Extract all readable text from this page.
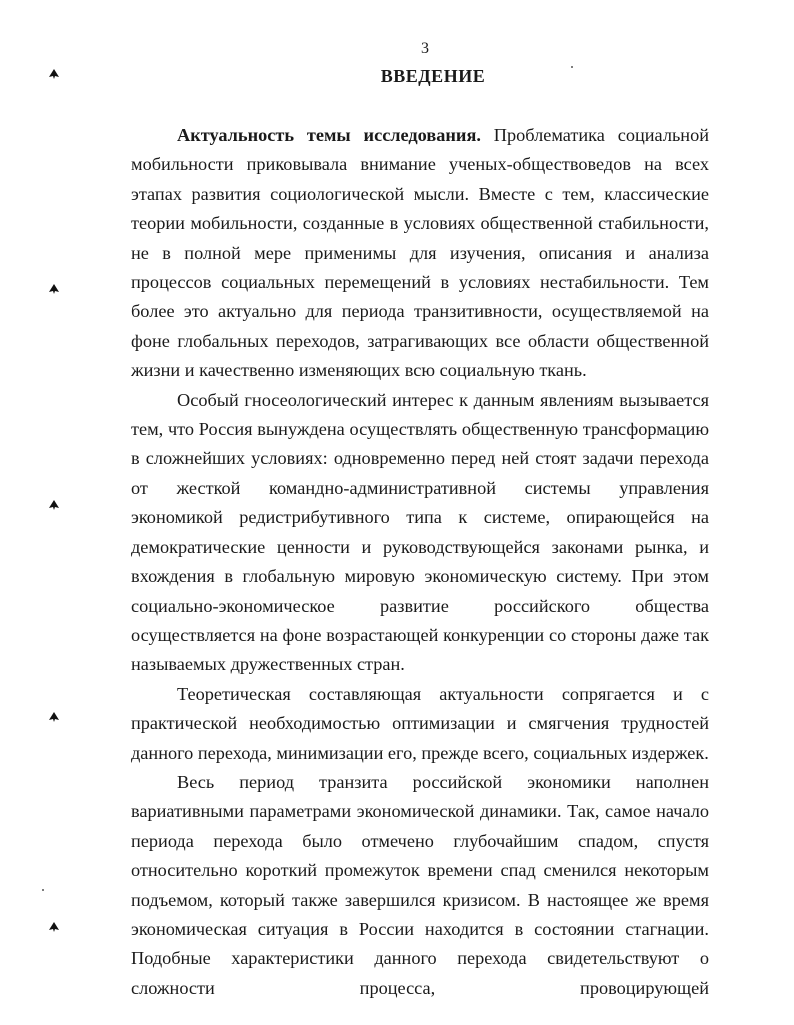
3
ВВЕДЕНИЕ

Актуальность темы исследования. Проблематика социальной мобильности приковывала внимание ученых-обществоведов на всех этапах развития социологической мысли. Вместе с тем, классические теории мобильности, созданные в условиях общественной стабильности, не в полной мере применимы для изучения, описания и анализа процессов социальных перемещений в условиях нестабильности. Тем более это актуально для периода транзитивности, осуществляемой на фоне глобальных переходов, затрагивающих все области общественной жизни и качественно изменяющих всю социальную ткань.

Особый гносеологический интерес к данным явлениям вызывается тем, что Россия вынуждена осуществлять общественную трансформацию в сложнейших условиях: одновременно перед ней стоят задачи перехода от жесткой командно-административной системы управления экономикой редистрибутивного типа к системе, опирающейся на демократические ценности и руководствующейся законами рынка, и вхождения в глобальную мировую экономическую систему. При этом социально-экономическое развитие российского общества осуществляется на фоне возрастающей конкуренции со стороны даже так называемых дружественных стран.

Теоретическая составляющая актуальности сопрягается и с практической необходимостью оптимизации и смягчения трудностей данного перехода, минимизации его, прежде всего, социальных издержек.

Весь период транзита российской экономики наполнен вариативными параметрами экономической динамики. Так, самое начало периода перехода было отмечено глубочайшим спадом, спустя относительно короткий промежуток времени спад сменился некоторым подъемом, который также завершился кризисом. В настоящее же время экономическая ситуация в России находится в состоянии стагнации. Подобные характеристики данного перехода свидетельствуют о сложности процесса, провоцирующей
